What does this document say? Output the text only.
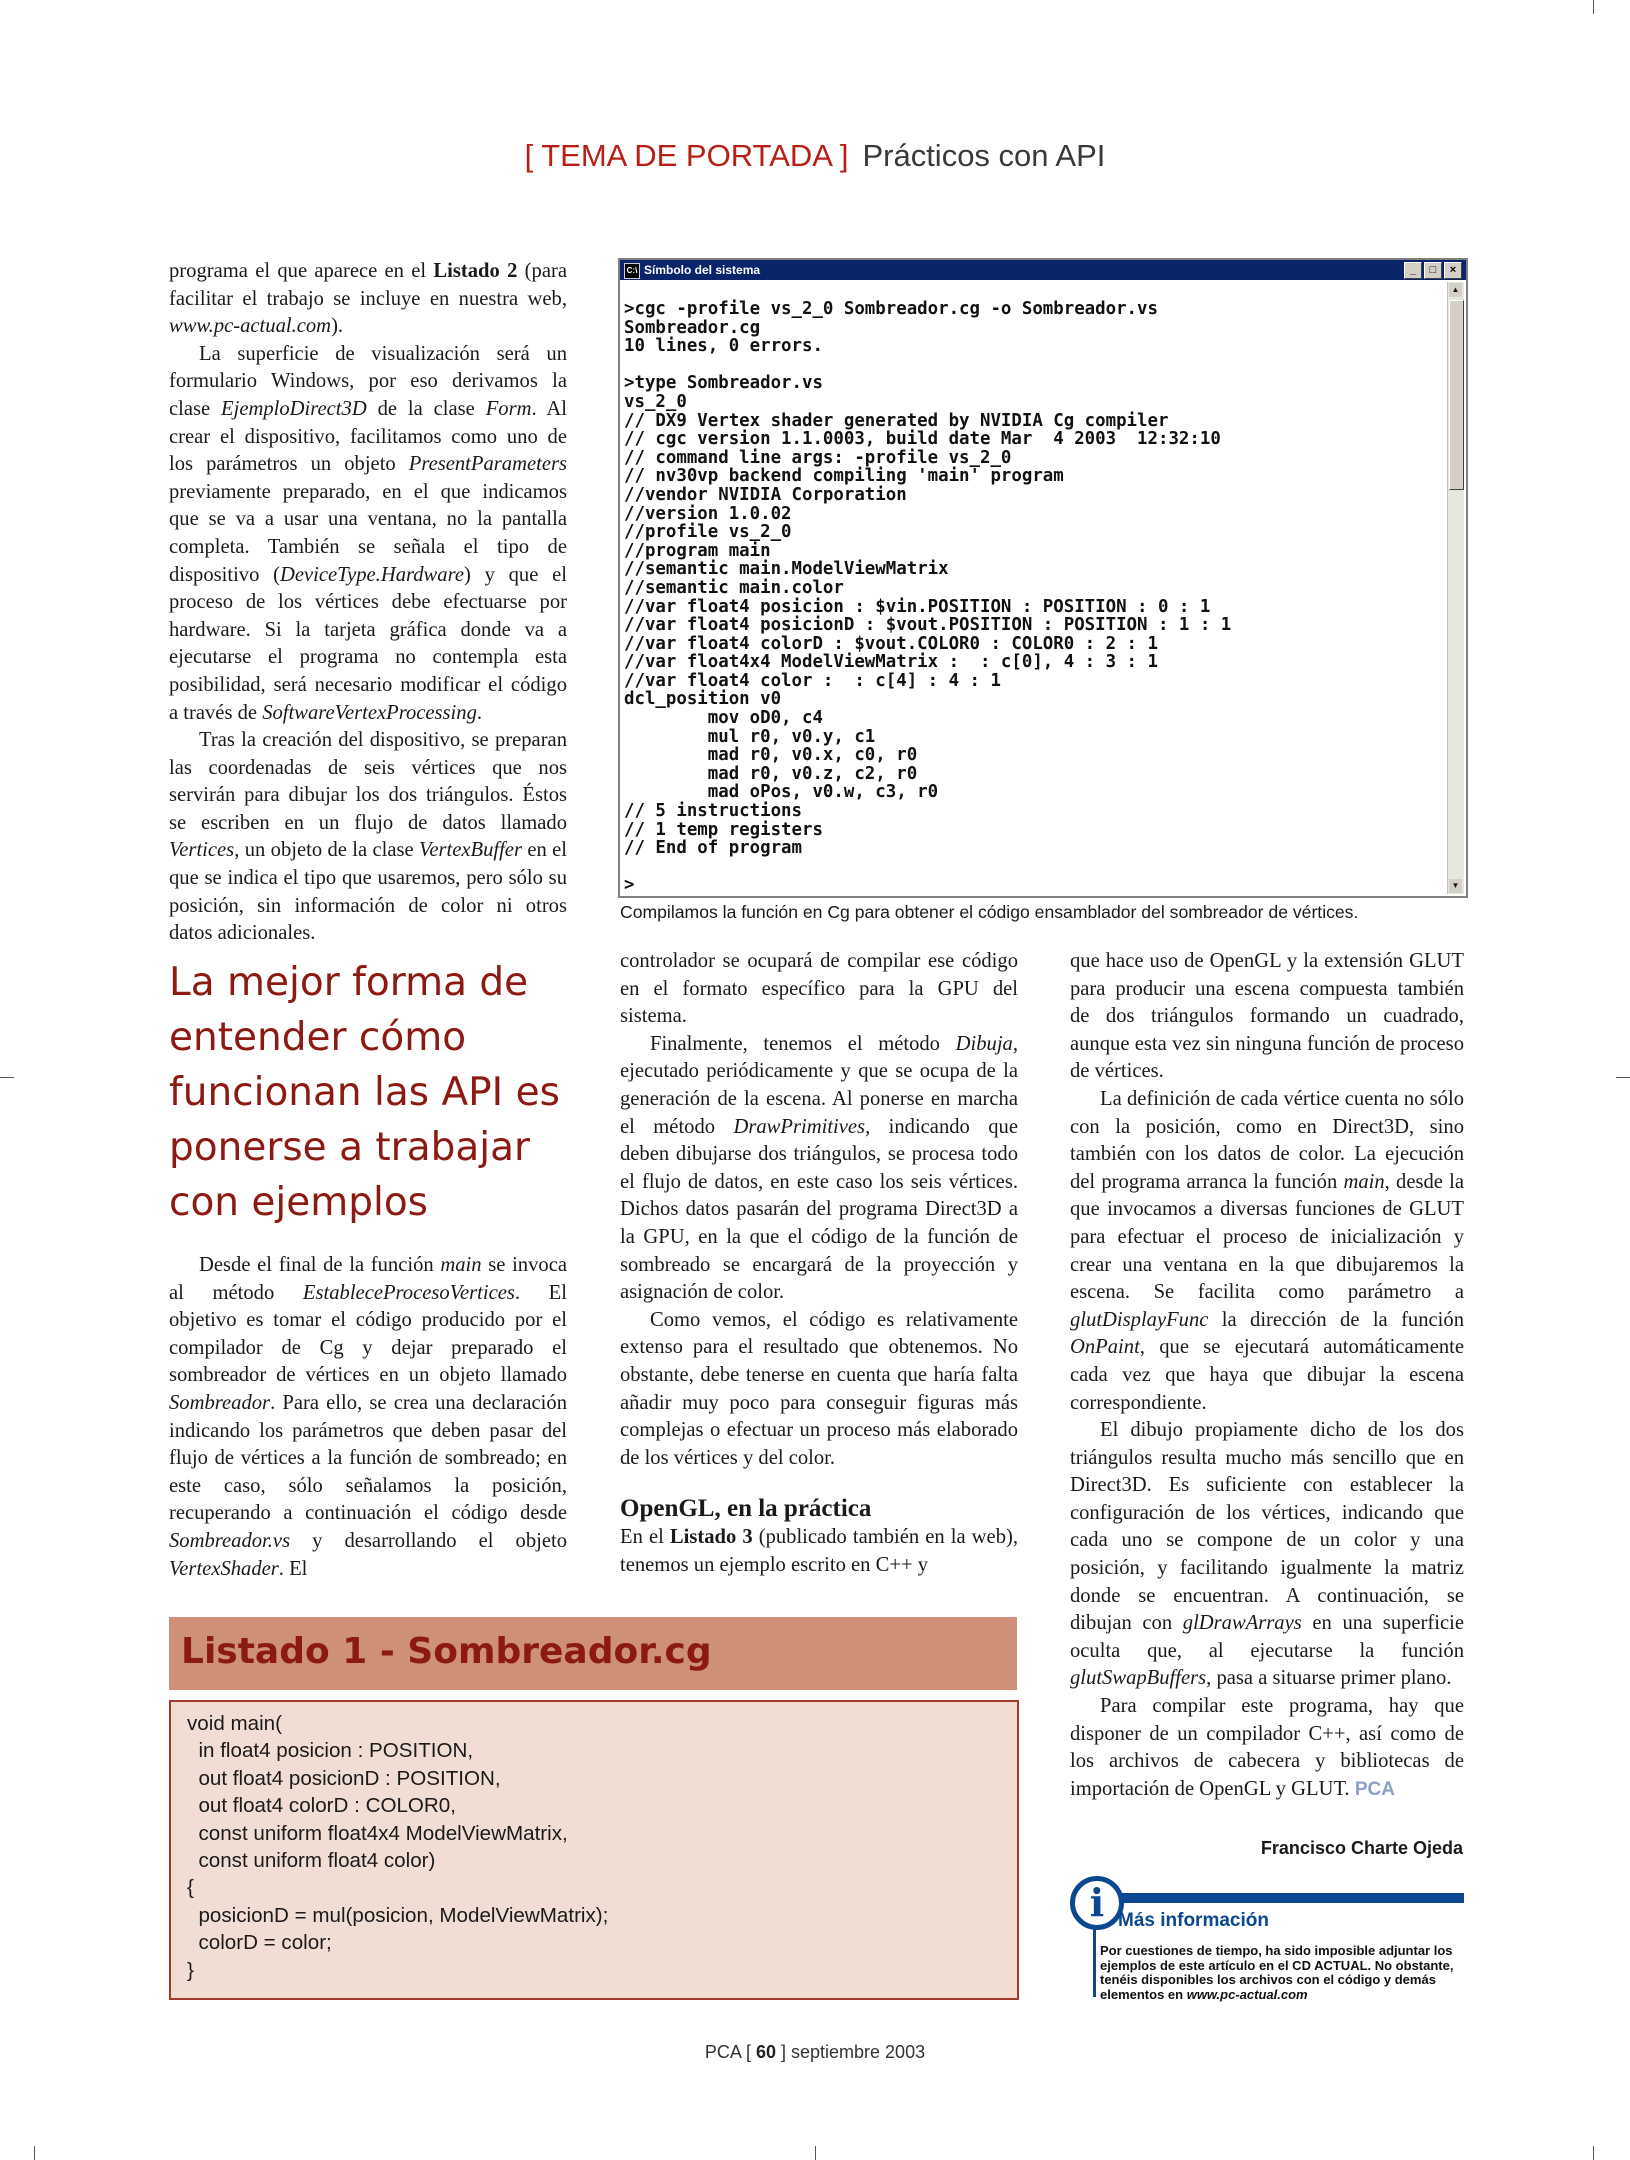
[ TEMA DE PORTADA ] Prácticos con API

programa el que aparece en el Listado 2 (para facilitar el trabajo se incluye en nuestra web, www.pc-actual.com).

La superficie de visualización será un formulario Windows, por eso derivamos la clase EjemploDirect3D de la clase Form. Al crear el dispositivo, facilitamos como uno de los parámetros un objeto PresentParameters previamente preparado, en el que indicamos que se va a usar una ventana, no la pantalla completa. También se señala el tipo de dispositivo (DeviceType.Hardware) y que el proceso de los vértices debe efectuarse por hardware. Si la tarjeta gráfica donde va a ejecutarse el programa no contempla esta posibilidad, será necesario modificar el código a través de SoftwareVertexProcessing.

Tras la creación del dispositivo, se preparan las coordenadas de seis vértices que nos servirán para dibujar los dos triángulos. Éstos se escriben en un flujo de datos llamado Vertices, un objeto de la clase VertexBuffer en el que se indica el tipo que usaremos, pero sólo su posición, sin información de color ni otros datos adicionales.

La mejor forma de entender cómo funcionan las API es ponerse a trabajar con ejemplos

Desde el final de la función main se invoca al método EstableceProcesoVertices. El objetivo es tomar el código producido por el compilador de Cg y dejar preparado el sombreador de vértices en un objeto llamado Sombreador. Para ello, se crea una declaración indicando los parámetros que deben pasar del flujo de vértices a la función de sombreado; en este caso, sólo señalamos la posición, recuperando a continuación el código desde Sombreador.vs y desarrollando el objeto VertexShader. El

C:\ Símbolo del sistema	_	□	×
>cgc -profile vs_2_0 Sombreador.cg -o Sombreador.vs
Sombreador.cg
10 lines, 0 errors.

>type Sombreador.vs
vs_2_0
// DX9 Vertex shader generated by NVIDIA Cg compiler
// cgc version 1.1.0003, build date Mar  4 2003  12:32:10
// command line args: -profile vs_2_0
// nv30vp backend compiling 'main' program
//vendor NVIDIA Corporation
//version 1.0.02
//profile vs_2_0
//program main
//semantic main.ModelViewMatrix
//semantic main.color
//var float4 posicion : $vin.POSITION : POSITION : 0 : 1
//var float4 posicionD : $vout.POSITION : POSITION : 1 : 1
//var float4 colorD : $vout.COLOR0 : COLOR0 : 2 : 1
//var float4x4 ModelViewMatrix :  : c[0], 4 : 3 : 1
//var float4 color :  : c[4] : 4 : 1
dcl_position v0
mov oD0, c4
mul r0, v0.y, c1
mad r0, v0.x, c0, r0
mad r0, v0.z, c2, r0
mad oPos, v0.w, c3, r0
// 5 instructions
// 1 temp registers
// End of program

>
▲
▼
Compilamos la función en Cg para obtener el código ensamblador del sombreador de vértices.

controlador se ocupará de compilar ese código en el formato específico para la GPU del sistema.

Finalmente, tenemos el método Dibuja, ejecutado periódicamente y que se ocupa de la generación de la escena. Al ponerse en marcha el método DrawPrimitives, indicando que deben dibujarse dos triángulos, se procesa todo el flujo de datos, en este caso los seis vértices. Dichos datos pasarán del programa Direct3D a la GPU, en la que el código de la función de sombreado se encargará de la proyección y asignación de color.

Como vemos, el código es relativamente extenso para el resultado que obtenemos. No obstante, debe tenerse en cuenta que haría falta añadir muy poco para conseguir figuras más complejas o efectuar un proceso más elaborado de los vértices y del color.

OpenGL, en la práctica

En el Listado 3 (publicado también en la web), tenemos un ejemplo escrito en C++ y

que hace uso de OpenGL y la extensión GLUT para producir una escena compuesta también de dos triángulos formando un cuadrado, aunque esta vez sin ninguna función de proceso de vértices.

La definición de cada vértice cuenta no sólo con la posición, como en Direct3D, sino también con los datos de color. La ejecución del programa arranca la función main, desde la que invocamos a diversas funciones de GLUT para efectuar el proceso de inicialización y crear una ventana en la que dibujaremos la escena. Se facilita como parámetro a glutDisplayFunc la dirección de la función OnPaint, que se ejecutará automáticamente cada vez que haya que dibujar la escena correspondiente.

El dibujo propiamente dicho de los dos triángulos resulta mucho más sencillo que en Direct3D. Es suficiente con establecer la configuración de los vértices, indicando que cada uno se compone de un color y una posición, y facilitando igualmente la matriz donde se encuentran. A continuación, se dibujan con glDrawArrays en una superficie oculta que, al ejecutarse la función glutSwapBuffers, pasa a situarse primer plano.

Para compilar este programa, hay que disponer de un compilador C++, así como de los archivos de cabecera y bibliotecas de importación de OpenGL y GLUT. PCA

Francisco Charte Ojeda
Listado 1 - Sombreador.cg
void main(
in float4 posicion : POSITION,
out float4 posicionD : POSITION,
out float4 colorD : COLOR0,
const uniform float4x4 ModelViewMatrix,
const uniform float4 color)
{
posicionD = mul(posicion, ModelViewMatrix);
colorD = color;
}
i Más información
Por cuestiones de tiempo, ha sido imposible adjuntar los ejemplos de este artículo en el CD ACTUAL. No obstante, tenéis disponibles los archivos con el código y demás elementos en www.pc-actual.com
PCA [ 60 ] septiembre 2003
